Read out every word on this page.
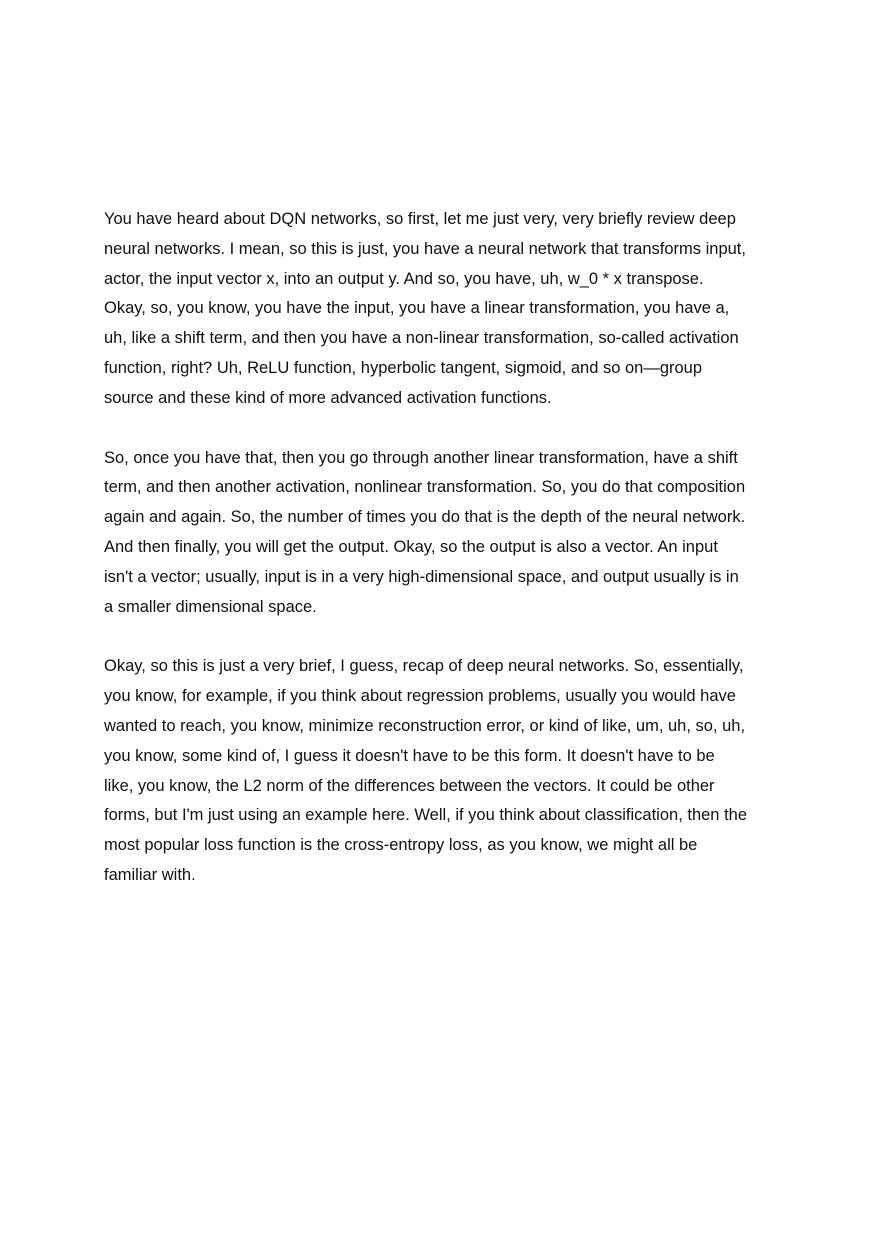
You have heard about DQN networks, so first, let me just very, very briefly review deep
neural networks. I mean, so this is just, you have a neural network that transforms input,
actor, the input vector x, into an output y. And so, you have, uh, w_0 * x transpose.
Okay, so, you know, you have the input, you have a linear transformation, you have a,
uh, like a shift term, and then you have a non-linear transformation, so-called activation
function, right? Uh, ReLU function, hyperbolic tangent, sigmoid, and so on—group
source and these kind of more advanced activation functions.

So, once you have that, then you go through another linear transformation, have a shift
term, and then another activation, nonlinear transformation. So, you do that composition
again and again. So, the number of times you do that is the depth of the neural network.
And then finally, you will get the output. Okay, so the output is also a vector. An input
isn't a vector; usually, input is in a very high-dimensional space, and output usually is in
a smaller dimensional space.

Okay, so this is just a very brief, I guess, recap of deep neural networks. So, essentially,
you know, for example, if you think about regression problems, usually you would have
wanted to reach, you know, minimize reconstruction error, or kind of like, um, uh, so, uh,
you know, some kind of, I guess it doesn't have to be this form. It doesn't have to be
like, you know, the L2 norm of the differences between the vectors. It could be other
forms, but I'm just using an example here. Well, if you think about classification, then the
most popular loss function is the cross-entropy loss, as you know, we might all be
familiar with.
